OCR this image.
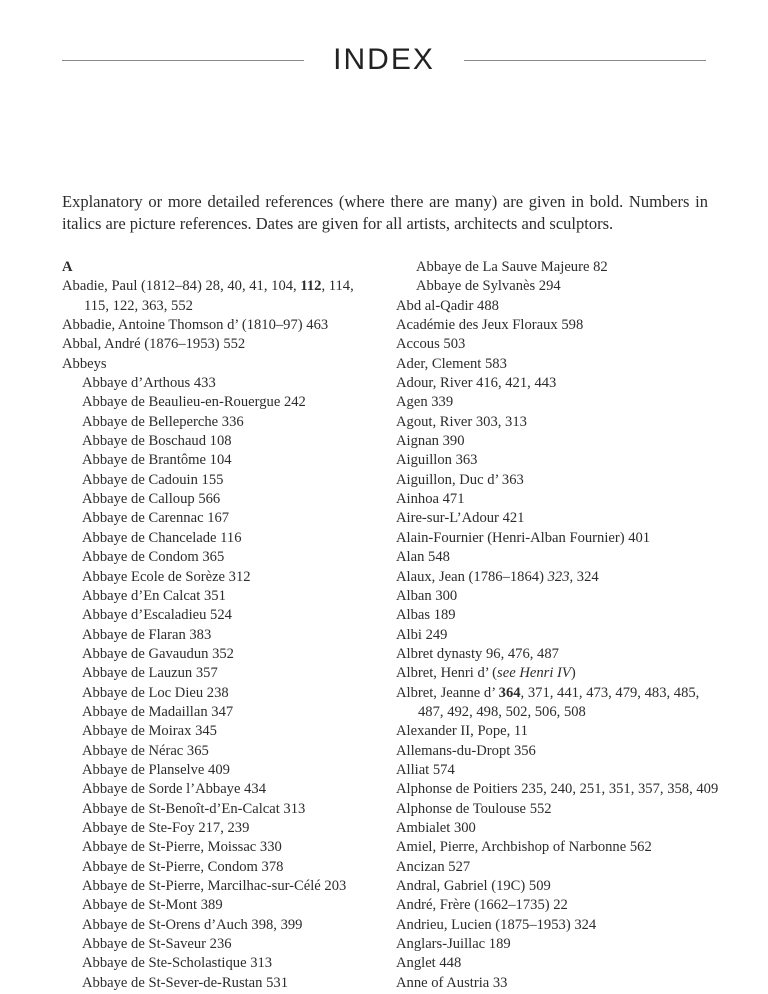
INDEX

Explanatory or more detailed references (where there are many) are given in bold. Numbers in italics are picture references. Dates are given for all artists, architects and sculptors.

A

Abadie, Paul (1812–84) 28, 40, 41, 104, 112, 114, 115, 122, 363, 552

Abbadie, Antoine Thomson d’ (1810–97) 463

Abbal, André (1876–1953) 552

Abbeys

Abbaye d’Arthous 433

Abbaye de Beaulieu-en-Rouergue 242

Abbaye de Belleperche 336

Abbaye de Boschaud 108

Abbaye de Brantôme 104

Abbaye de Cadouin 155

Abbaye de Calloup 566

Abbaye de Carennac 167

Abbaye de Chancelade 116

Abbaye de Condom 365

Abbaye Ecole de Sorèze 312

Abbaye d’En Calcat 351

Abbaye d’Escaladieu 524

Abbaye de Flaran 383

Abbaye de Gavaudun 352

Abbaye de Lauzun 357

Abbaye de Loc Dieu 238

Abbaye de Madaillan 347

Abbaye de Moirax 345

Abbaye de Nérac 365

Abbaye de Planselve 409

Abbaye de Sorde l’Abbaye 434

Abbaye de St-Benoît-d’En-Calcat 313

Abbaye de Ste-Foy 217, 239

Abbaye de St-Pierre, Moissac 330

Abbaye de St-Pierre, Condom 378

Abbaye de St-Pierre, Marcilhac-sur-Célé 203

Abbaye de St-Mont 389

Abbaye de St-Orens d’Auch 398, 399

Abbaye de St-Saveur 236

Abbaye de Ste-Scholastique 313

Abbaye de St-Sever-de-Rustan 531

Abbaye de La Sauve Majeure 82

Abbaye de Sylvanès 294

Abd al-Qadir 488

Académie des Jeux Floraux 598

Accous 503

Ader, Clement 583

Adour, River 416, 421, 443

Agen 339

Agout, River 303, 313

Aignan 390

Aiguillon 363

Aiguillon, Duc d’ 363

Ainhoa 471

Aire-sur-L’Adour 421

Alain-Fournier (Henri-Alban Fournier) 401

Alan 548

Alaux, Jean (1786–1864) 323, 324

Alban 300

Albas 189

Albi 249

Albret dynasty 96, 476, 487

Albret, Henri d’ (see Henri IV)

Albret, Jeanne d’ 364, 371, 441, 473, 479, 483, 485, 487, 492, 498, 502, 506, 508

Alexander II, Pope, 11

Allemans-du-Dropt 356

Alliat 574

Alphonse de Poitiers 235, 240, 251, 351, 357, 358, 409

Alphonse de Toulouse 552

Ambialet 300

Amiel, Pierre, Archbishop of Narbonne 562

Ancizan 527

Andral, Gabriel (19C) 509

André, Frère (1662–1735) 22

Andrieu, Lucien (1875–1953) 324

Anglars-Juillac 189

Anglet 448

Anne of Austria 33
